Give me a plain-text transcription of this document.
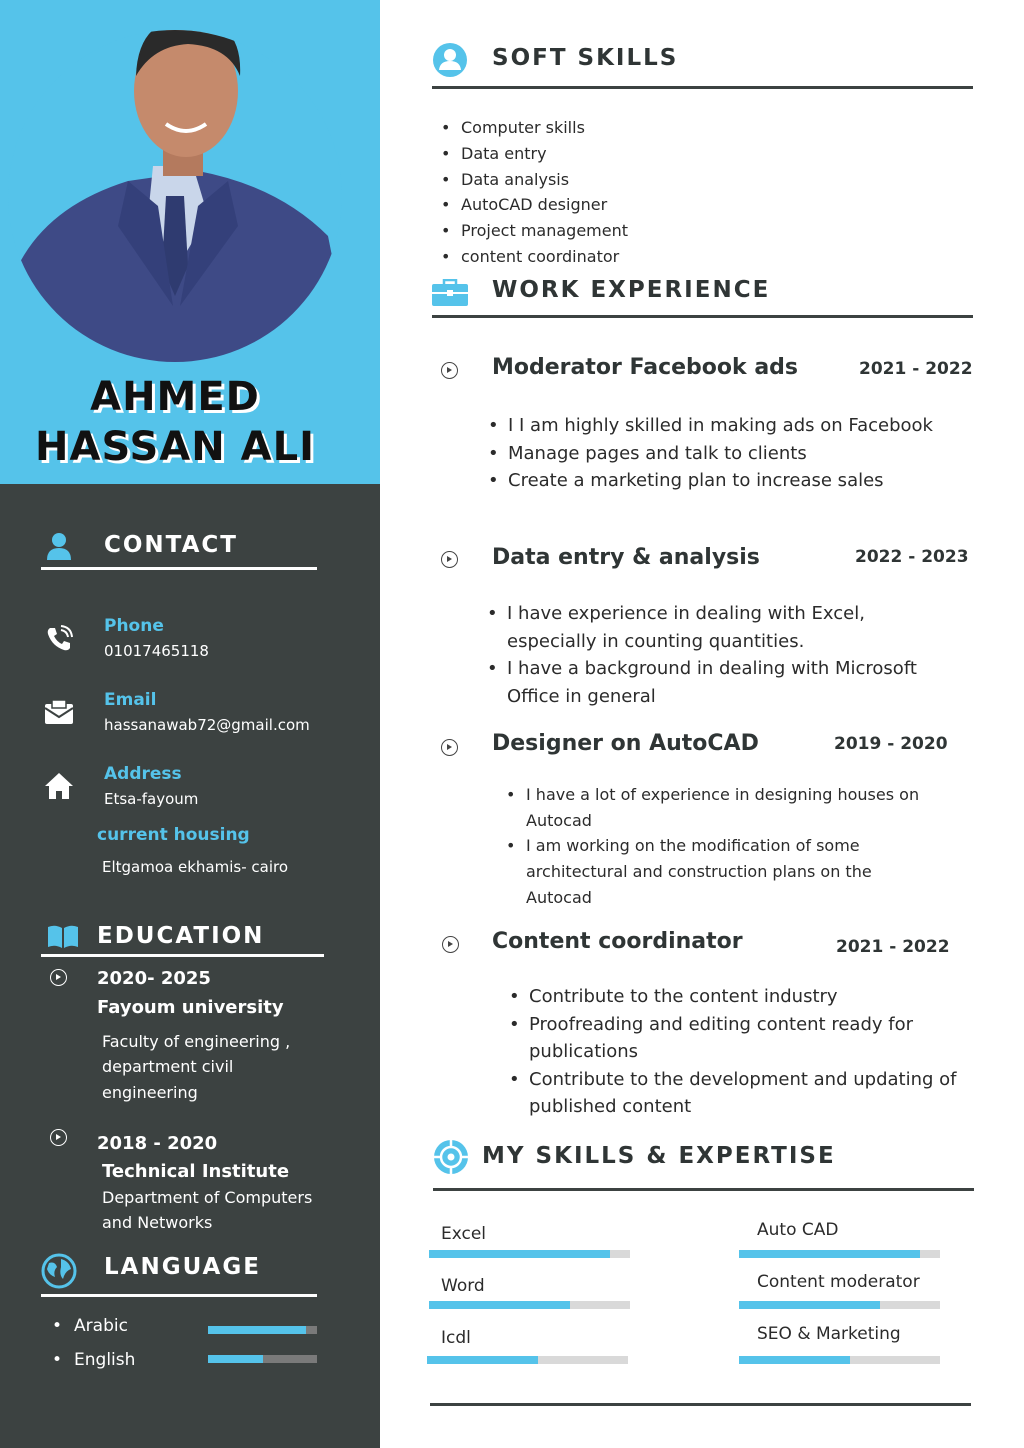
AHMED
HASSAN ALI
CONTACT
Phone
01017465118
Email
hassanawab72@gmail.com
Address
Etsa-fayoum
current housing
Eltgamoa ekhamis- cairo
EDUCATION
2020- 2025
Fayoum university
Faculty of engineering ,
department civil
engineering
2018 - 2020
Technical Institute
Department of Computers
and Networks
LANGUAGE
• Arabic
• English
SOFT SKILLS
• Computer skills
• Data entry
• Data analysis
• AutoCAD designer
• Project management
• content coordinator
WORK EXPERIENCE
Moderator Facebook ads	2021 - 2022
• I I am highly skilled in making ads on Facebook
• Manage pages and talk to clients
• Create a marketing plan to increase sales
Data entry & analysis	2022 - 2023
• I have experience in dealing with Excel, especially in counting quantities.
• I have a background in dealing with Microsoft Office in general
Designer on AutoCAD	2019 - 2020
• I have a lot of experience in designing houses on Autocad
• I am working on the modification of some architectural and construction plans on the Autocad
Content coordinator	2021 - 2022
• Contribute to the content industry
• Proofreading and editing content ready for publications
• Contribute to the development and updating of published content
MY SKILLS & EXPERTISE
Excel	Auto CAD
Word	Content moderator
Icdl	SEO & Marketing
